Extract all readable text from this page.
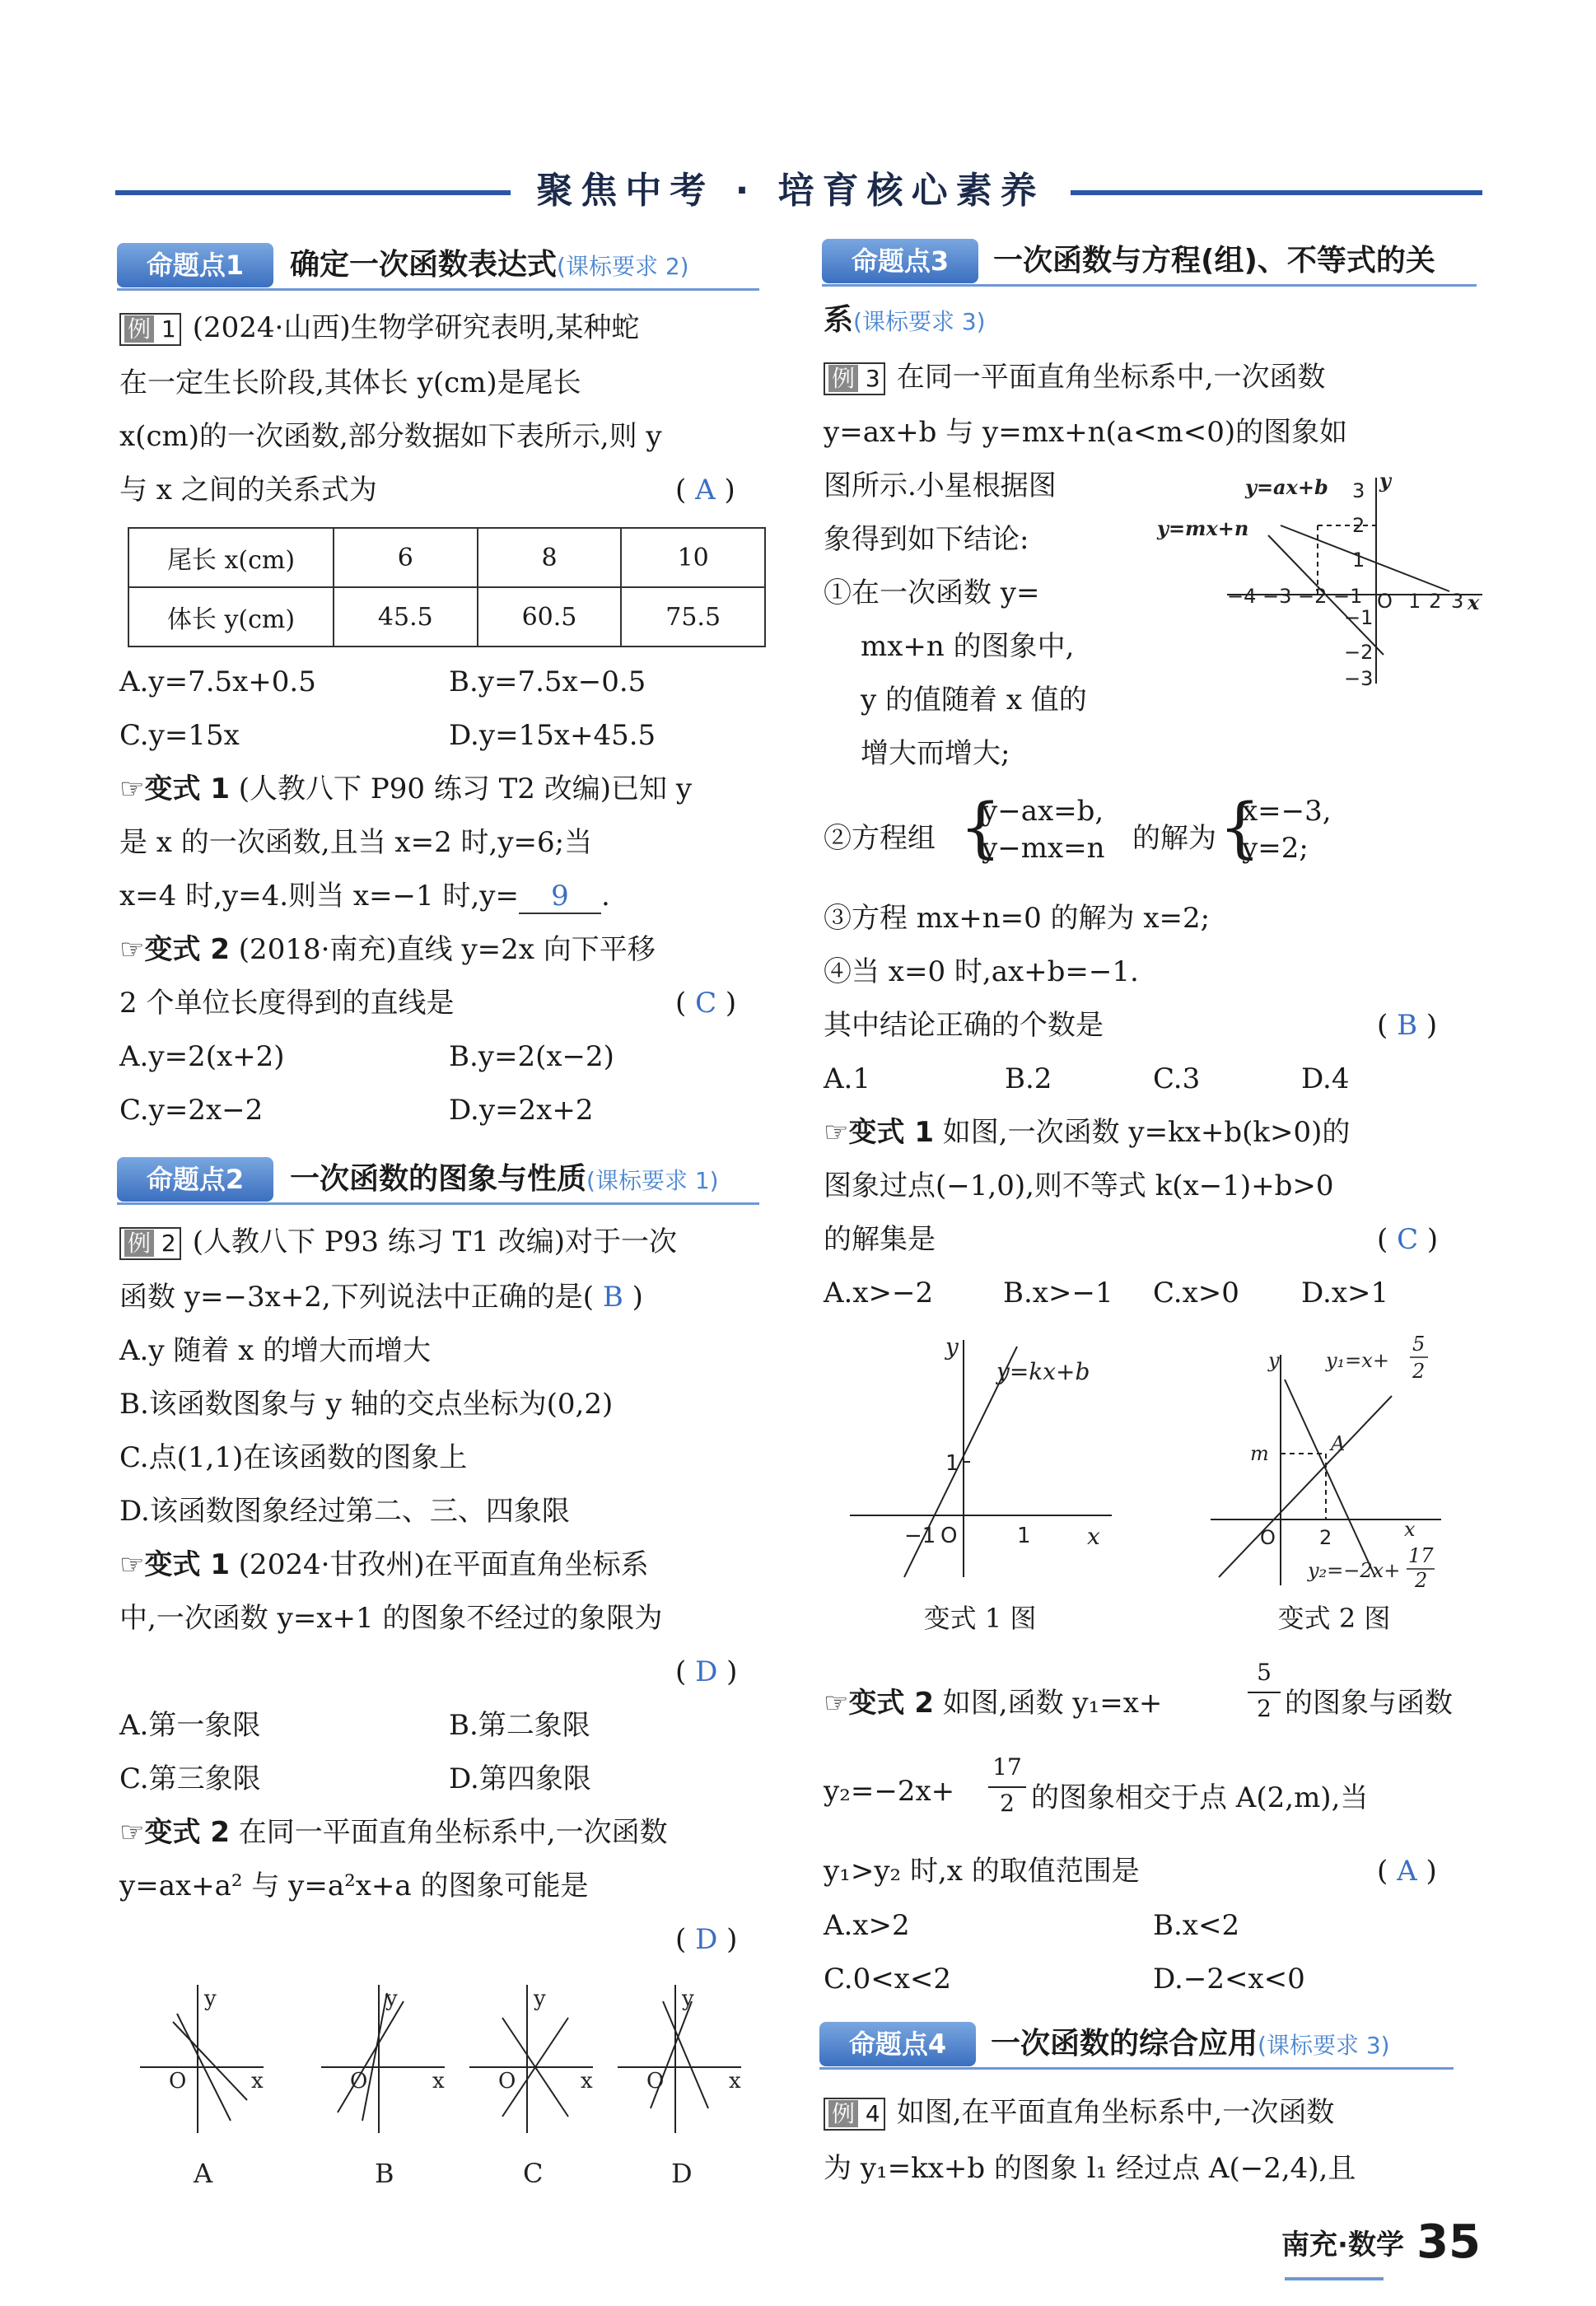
聚焦中考 · 培育核心素养
命题点1	确定一次函数表达式(课标要求 2)
例 1 (2024·山西)生物学研究表明,某种蛇
在一定生长阶段,其体长 y(cm)是尾长
x(cm)的一次函数,部分数据如下表所示,则 y
与 x 之间的关系式为	( A )
尾长 x(cm)	6	8	10
体长 y(cm)	45.5	60.5	75.5
A.y=7.5x+0.5	B.y=7.5x−0.5
C.y=15x	D.y=15x+45.5
☞变式 1 (人教八下 P90 练习 T2 改编)已知 y
是 x 的一次函数,且当 x=2 时,y=6;当
x=4 时,y=4.则当 x=−1 时,y= 9 .
☞变式 2 (2018·南充)直线 y=2x 向下平移
2 个单位长度得到的直线是	( C )
A.y=2(x+2)	B.y=2(x−2)
C.y=2x−2	D.y=2x+2
命题点2	一次函数的图象与性质(课标要求 1)
例 2 (人教八下 P93 练习 T1 改编)对于一次
函数 y=−3x+2,下列说法中正确的是( B )
A.y 随着 x 的增大而增大
B.该函数图象与 y 轴的交点坐标为(0,2)
C.点(1,1)在该函数的图象上
D.该函数图象经过第二、三、四象限
☞变式 1 (2024·甘孜州)在平面直角坐标系
中,一次函数 y=x+1 的图象不经过的象限为
( D )
A.第一象限	B.第二象限
C.第三象限	D.第四象限
☞变式 2 在同一平面直角坐标系中,一次函数
y=ax+a² 与 y=a²x+a 的图象可能是
( D )
O
y
x	O
y
x	O
y
x	O
y
x
A	B	C	D
命题点3	一次函数与方程(组)、不等式的关
系(课标要求 3)
例 3 在同一平面直角坐标系中,一次函数
y=ax+b 与 y=mx+n(a<m<0)的图象如
图所示.小星根据图
象得到如下结论:
①在一次函数 y=
mx+n 的图象中,
y 的值随着 x 值的
增大而增大;
y=ax+b
y=mx+n
y
x
−4 −3 −2 −1 O 1 2 3
3
2
1
−1
−2
−3
②方程组 {
y−ax=b,
y−mx=n 的解为 {
x=−3,
y=2;
③方程 mx+n=0 的解为 x=2;
④当 x=0 时,ax+b=−1.
其中结论正确的个数是	( B )
A.1	B.2	C.3	D.4
☞变式 1 如图,一次函数 y=kx+b(k>0)的
图象过点(−1,0),则不等式 k(x−1)+b>0
的解集是	( C )
A.x>−2 B.x>−1 C.x>0 D.x>1
y=kx+b
y
x
1
−1 O	1
变式 1 图
y
x
y₁=x+
5
2
y₂=−2x+
17
2
m	A
O 2
变式 2 图
☞变式 2 如图,函数 y₁=x+
5
2 的图象与函数
y₂=−2x+
17
2 的图象相交于点 A(2,m),当
y₁>y₂ 时,x 的取值范围是	( A )
A.x>2	B.x<2
C.0<x<2	D.−2<x<0
命题点4	一次函数的综合应用(课标要求 3)
例 4 如图,在平面直角坐标系中,一次函数
为 y₁=kx+b 的图象 l₁ 经过点 A(−2,4),且
南充·数学 35
